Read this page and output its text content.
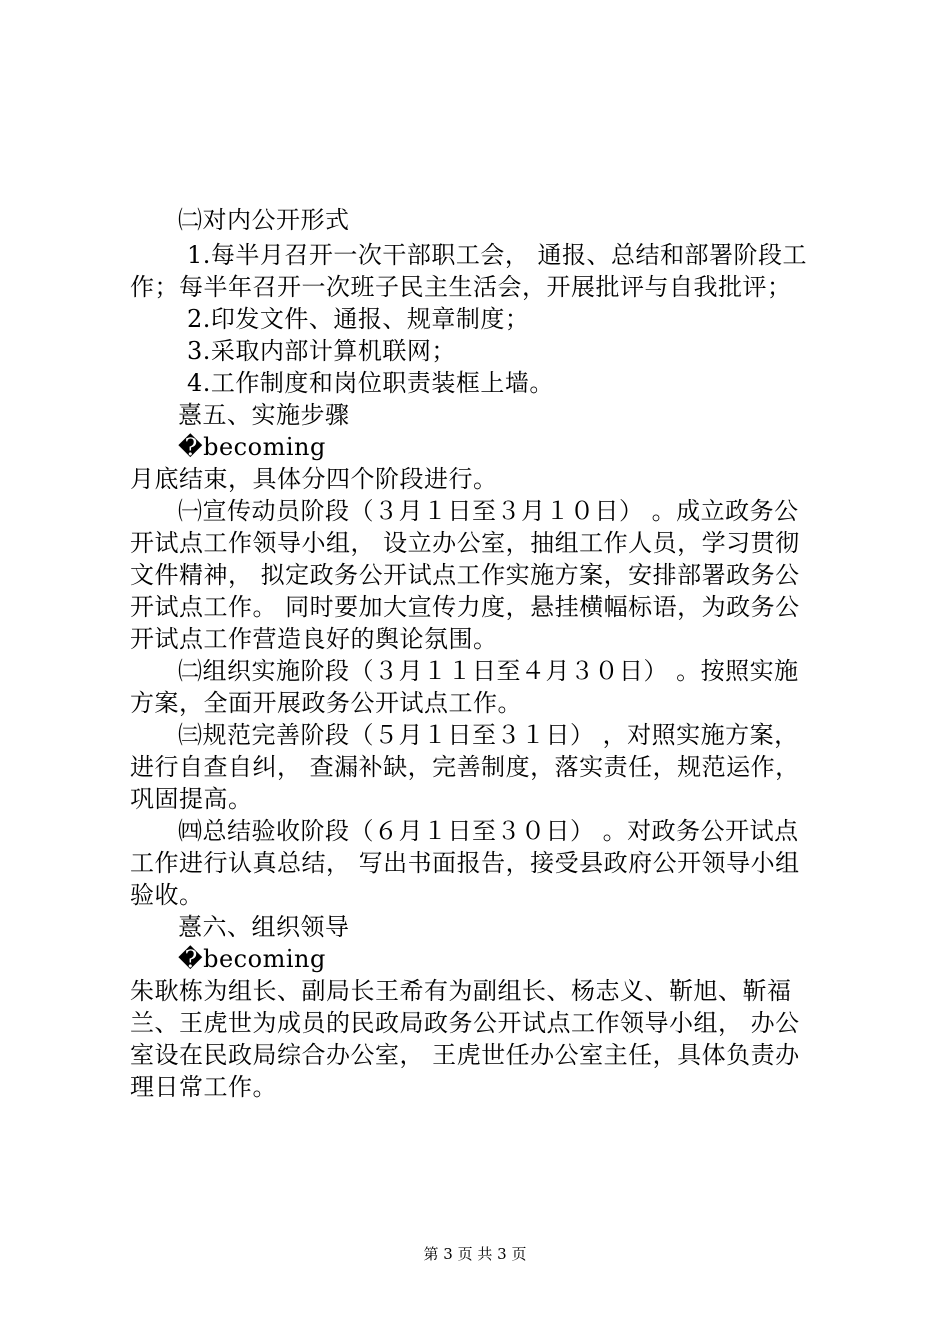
㈡对内公开形式
1.每半月召开一次干部职工会， 通报、总结和部署阶段工
作；每半年召开一次班子民主生活会，开展批评与自我批评；
2.印发文件、通报、规章制度；
3.采取内部计算机联网；
4.工作制度和岗位职责装框上墙。
憙五、实施步骤
�becoming
月底结束，具体分四个阶段进行。
㈠宣传动员阶段（３月１日至３月１０日） 。成立政务公
开试点工作领导小组， 设立办公室，抽组工作人员，学习贯彻
文件精神， 拟定政务公开试点工作实施方案，安排部署政务公
开试点工作。 同时要加大宣传力度，悬挂横幅标语，为政务公
开试点工作营造良好的舆论氛围。
㈡组织实施阶段（３月１１日至４月３０日） 。按照实施
方案，全面开展政务公开试点工作。
㈢规范完善阶段（５月１日至３１日） ，对照实施方案，
进行自查自纠， 查漏补缺，完善制度，落实责任，规范运作，
巩固提高。
㈣总结验收阶段（６月１日至３０日） 。对政务公开试点
工作进行认真总结， 写出书面报告，接受县政府公开领导小组
验收。
憙六、组织领导
�becoming
朱耿栋为组长、副局长王希有为副组长、杨志义、靳旭、靳福
兰、王虎世为成员的民政局政务公开试点工作领导小组， 办公
室设在民政局综合办公室， 王虎世任办公室主任，具体负责办
理日常工作。
第 3 页 共 3 页
